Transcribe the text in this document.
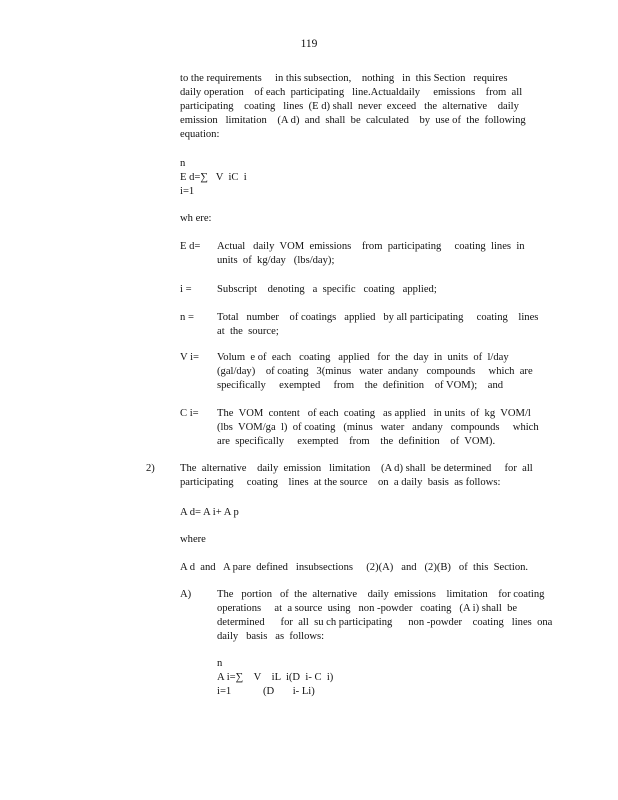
119
to the requirements     in this subsection,    nothing   in  this Section   requires
daily operation    of each  participating   line.Actualdaily     emissions    from  all
participating    coating   lines  (E d) shall  never  exceed   the  alternative    daily
emission   limitation    (A d)  and  shall  be  calculated    by  use of  the  following
equation:
n
E d=∑   V  iC  i
i=1
wh ere:
E d= Actual   daily  VOM  emissions    from  participating     coating  lines  in
units  of  kg/day   (lbs/day);
i = Subscript    denoting   a  specific   coating   applied;
n = Total   number    of coatings   applied   by all participating     coating    lines
at  the  source;
V i= Volum  e of  each   coating   applied   for  the  day  in  units  of  l/day
(gal/day)    of coating   3(minus   water  andany   compounds     which  are
specifically     exempted     from    the  definition    of VOM);    and
C i= The  VOM  content   of each  coating   as applied   in units  of  kg  VOM/l
(lbs  VOM/ga  l)  of coating   (minus   water   andany   compounds     which
are  specifically     exempted    from    the  definition    of  VOM).
2) The  alternative    daily  emission   limitation    (A d) shall  be determined     for  all
participating     coating    lines  at the source    on  a daily  basis  as follows:
A d= A i+ A p
where
A d  and   A pare  defined   insubsections     (2)(A)   and   (2)(B)   of  this  Section.
A) The   portion   of  the  alternative    daily  emissions    limitation    for coating
operations     at  a source  using   non -powder   coating   (A i) shall  be
determined      for  all  su ch participating      non -powder    coating   lines  ona
daily   basis   as  follows:
n
A i=∑    V    iL  i(D  i- C  i)
i=1	(D       i- Li)
